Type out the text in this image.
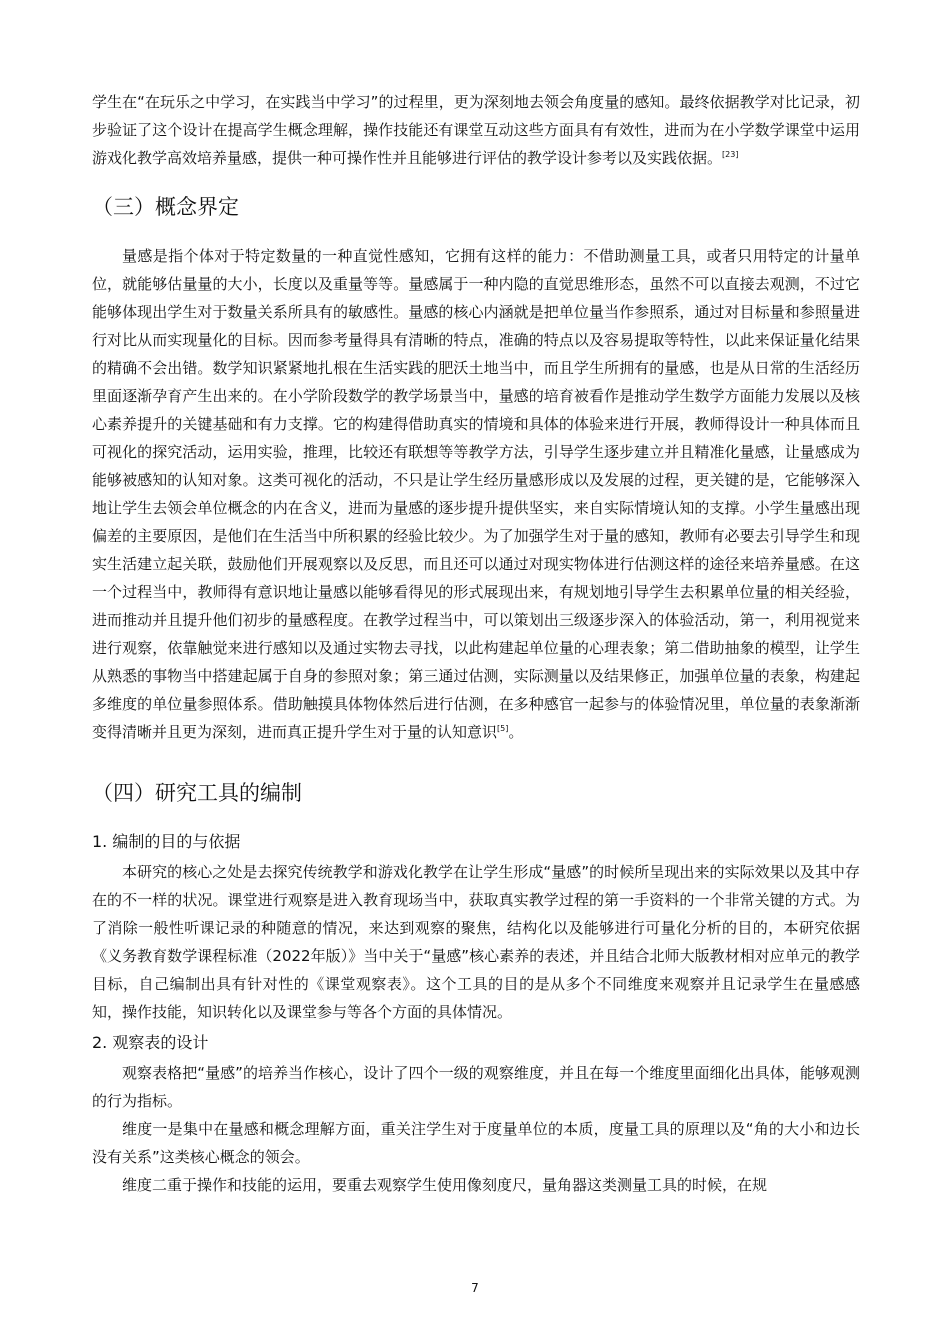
学生在“在玩乐之中学习，在实践当中学习”的过程里，更为深刻地去领会角度量的感知。最终依据教学对比记录，初步验证了这个设计在提高学生概念理解，操作技能还有课堂互动这些方面具有有效性，进而为在小学数学课堂中运用游戏化教学高效培养量感，提供一种可操作性并且能够进行评估的教学设计参考以及实践依据。[23]

（三）概念界定

量感是指个体对于特定数量的一种直觉性感知，它拥有这样的能力：不借助测量工具，或者只用特定的计量单位，就能够估量量的大小，长度以及重量等等。量感属于一种内隐的直觉思维形态，虽然不可以直接去观测，不过它能够体现出学生对于数量关系所具有的敏感性。量感的核心内涵就是把单位量当作参照系，通过对目标量和参照量进行对比从而实现量化的目标。因而参考量得具有清晰的特点，准确的特点以及容易提取等特性，以此来保证量化结果的精确不会出错。数学知识紧紧地扎根在生活实践的肥沃土地当中，而且学生所拥有的量感，也是从日常的生活经历里面逐渐孕育产生出来的。在小学阶段数学的教学场景当中，量感的培育被看作是推动学生数学方面能力发展以及核心素养提升的关键基础和有力支撑。它的构建得借助真实的情境和具体的体验来进行开展，教师得设计一种具体而且可视化的探究活动，运用实验，推理，比较还有联想等等教学方法，引导学生逐步建立并且精准化量感，让量感成为能够被感知的认知对象。这类可视化的活动，不只是让学生经历量感形成以及发展的过程，更关键的是，它能够深入地让学生去领会单位概念的内在含义，进而为量感的逐步提升提供坚实，来自实际情境认知的支撑。小学生量感出现偏差的主要原因，是他们在生活当中所积累的经验比较少。为了加强学生对于量的感知，教师有必要去引导学生和现实生活建立起关联，鼓励他们开展观察以及反思，而且还可以通过对现实物体进行估测这样的途径来培养量感。在这一个过程当中，教师得有意识地让量感以能够看得见的形式展现出来，有规划地引导学生去积累单位量的相关经验，进而推动并且提升他们初步的量感程度。在教学过程当中，可以策划出三级逐步深入的体验活动，第一，利用视觉来进行观察，依靠触觉来进行感知以及通过实物去寻找，以此构建起单位量的心理表象；第二借助抽象的模型，让学生从熟悉的事物当中搭建起属于自身的参照对象；第三通过估测，实际测量以及结果修正，加强单位量的表象，构建起多维度的单位量参照体系。借助触摸具体物体然后进行估测，在多种感官一起参与的体验情况里，单位量的表象渐渐变得清晰并且更为深刻，进而真正提升学生对于量的认知意识[5]。

（四）研究工具的编制
1. 编制的目的与依据

本研究的核心之处是去探究传统教学和游戏化教学在让学生形成“量感”的时候所呈现出来的实际效果以及其中存在的不一样的状况。课堂进行观察是进入教育现场当中，获取真实教学过程的第一手资料的一个非常关键的方式。为了消除一般性听课记录的种随意的情况，来达到观察的聚焦，结构化以及能够进行可量化分析的目的，本研究依据《义务教育数学课程标准（2022年版）》当中关于“量感”核心素养的表述，并且结合北师大版教材相对应单元的教学目标，自己编制出具有针对性的《课堂观察表》。这个工具的目的是从多个不同维度来观察并且记录学生在量感感知，操作技能，知识转化以及课堂参与等各个方面的具体情况。

2. 观察表的设计

观察表格把“量感”的培养当作核心，设计了四个一级的观察维度，并且在每一个维度里面细化出具体，能够观测的行为指标。

维度一是集中在量感和概念理解方面，重关注学生对于度量单位的本质，度量工具的原理以及“角的大小和边长没有关系”这类核心概念的领会。

维度二重于操作和技能的运用，要重去观察学生使用像刻度尺，量角器这类测量工具的时候，在规

7
